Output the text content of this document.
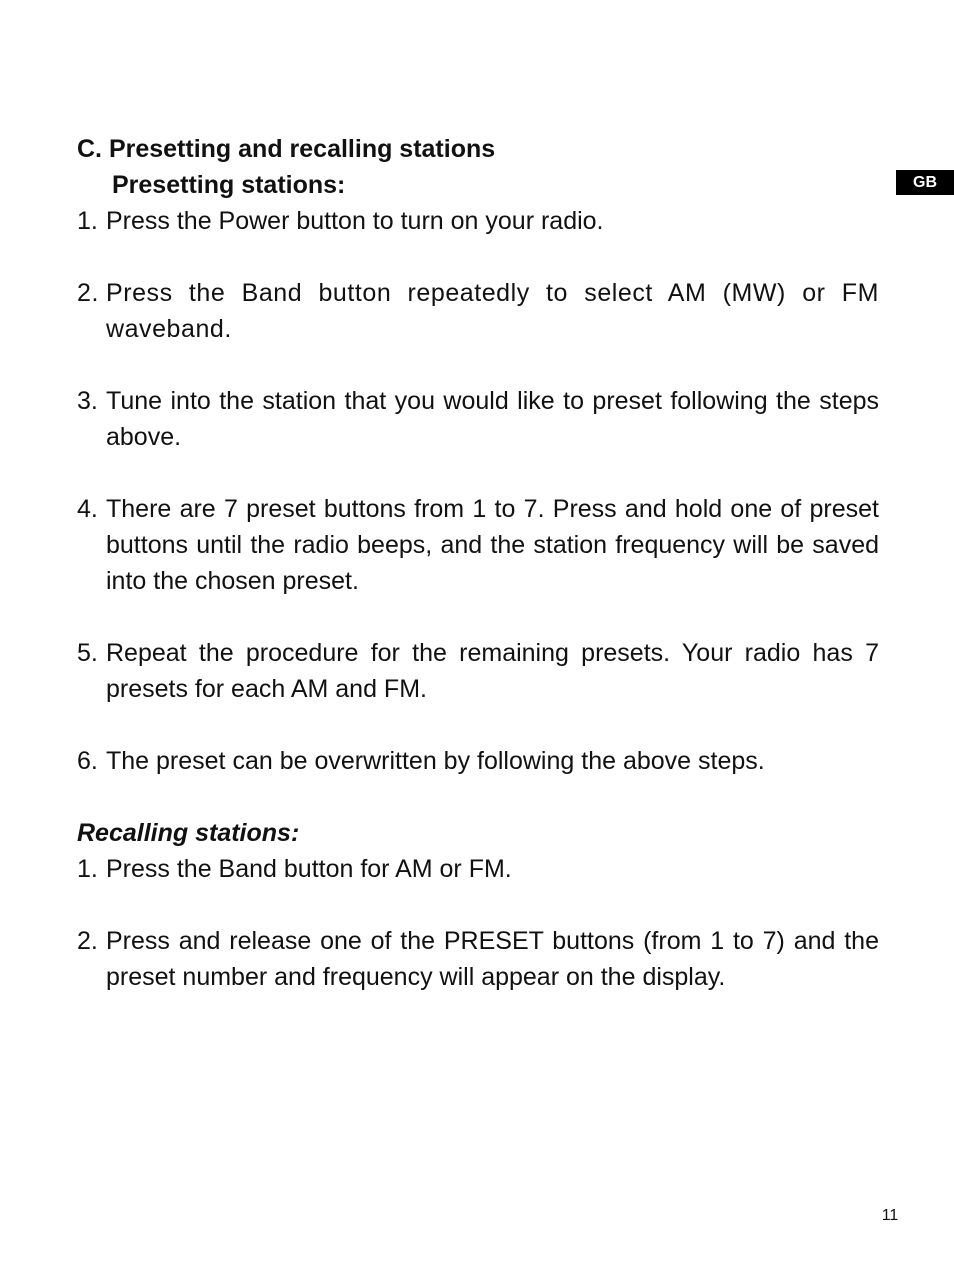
GB

C. Presetting and recalling stations

Presetting stations:

1. Press the Power button to turn on your radio.
2. Press the Band button repeatedly to select AM (MW) or FM waveband.
3. Tune into the station that you would like to preset following the steps above.
4. There are 7 preset buttons from 1 to 7. Press and hold one of preset buttons until the radio beeps, and the station frequency will be saved into the chosen preset.
5. Repeat the procedure for the remaining presets. Your radio has 7 presets for each AM and FM.
6. The preset can be overwritten by following the above steps.

Recalling stations:

1. Press the Band button for AM or FM.
2. Press and release one of the PRESET buttons (from 1 to 7) and the preset number and frequency will appear on the display.
11
